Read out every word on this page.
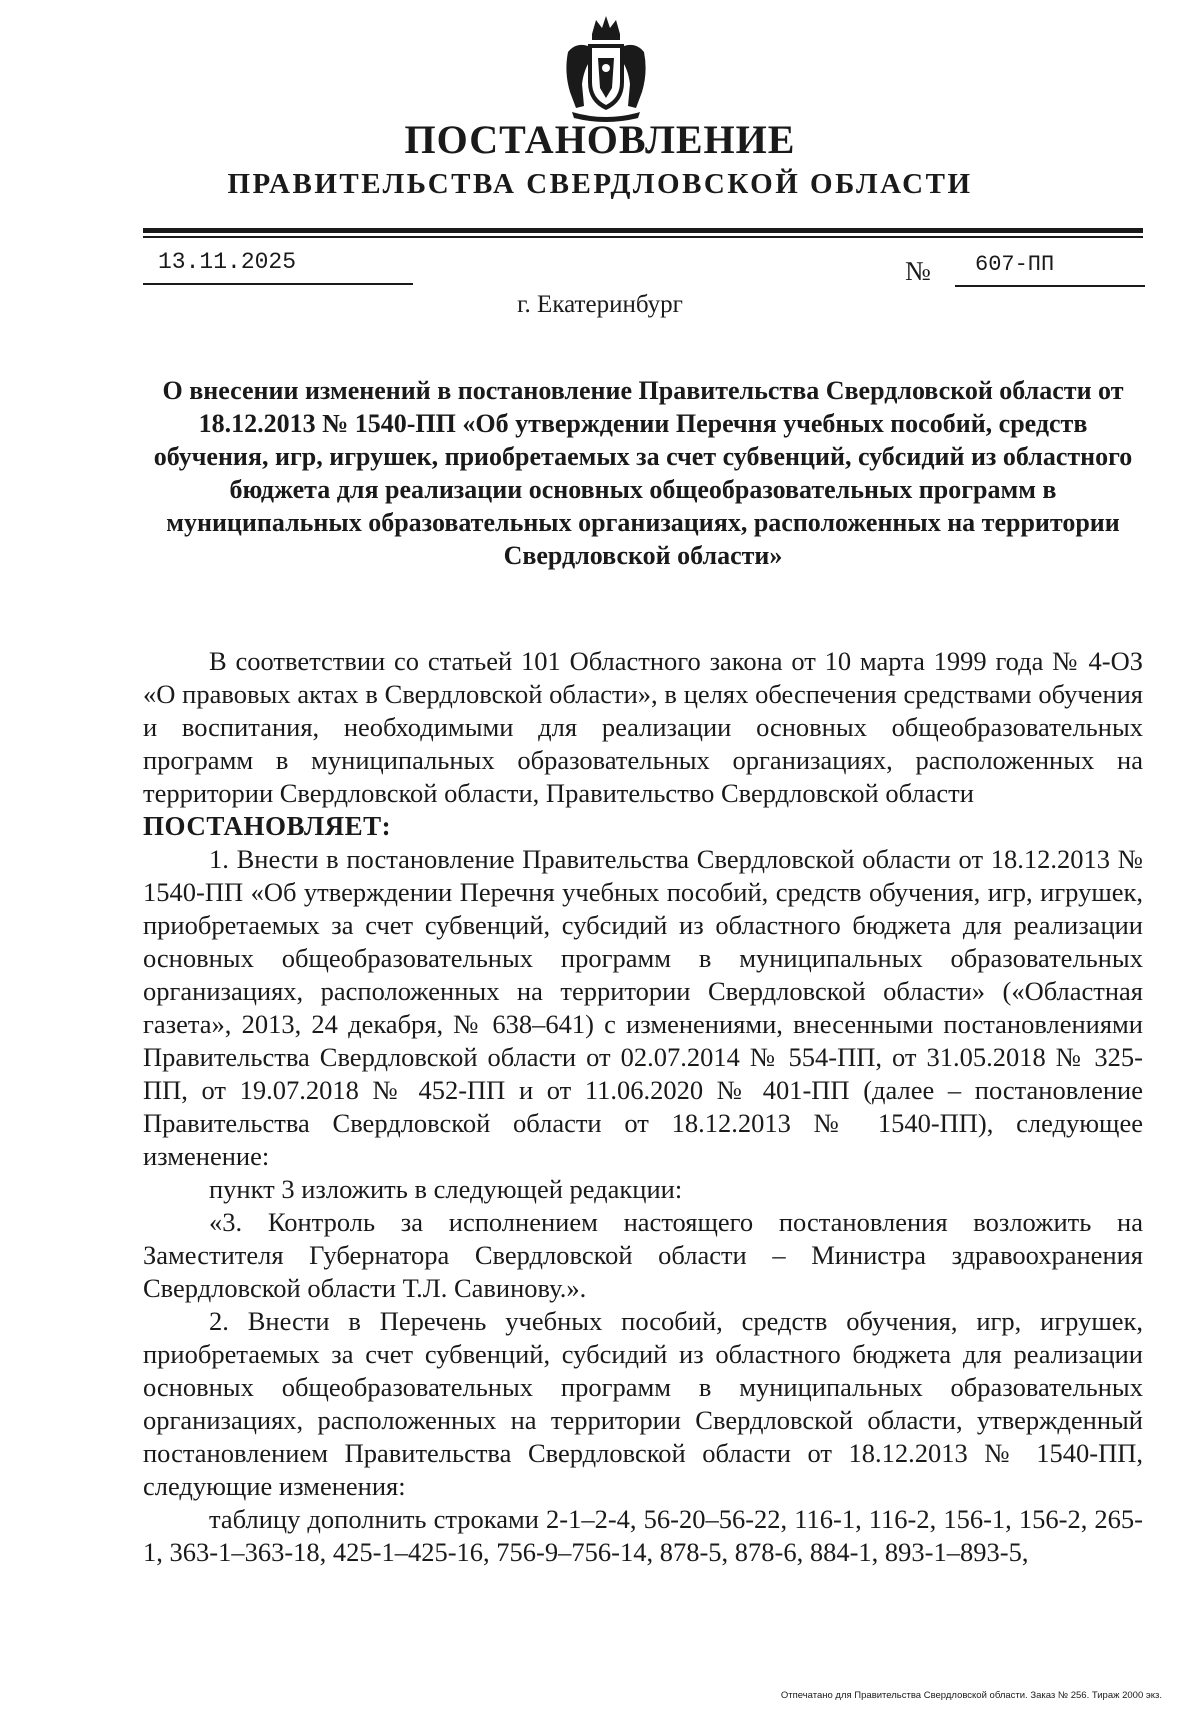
ПОСТАНОВЛЕНИЕ
ПРАВИТЕЛЬСТВА СВЕРДЛОВСКОЙ ОБЛАСТИ
13.11.2025	№ 607-ПП
г. Екатеринбург
О внесении изменений в постановление Правительства Свердловской области от 18.12.2013 № 1540-ПП «Об утверждении Перечня учебных пособий, средств обучения, игр, игрушек, приобретаемых за счет субвенций, субсидий из областного бюджета для реализации основных общеобразовательных программ в муниципальных образовательных организациях, расположенных на территории Свердловской области»

В соответствии со статьей 101 Областного закона от 10 марта 1999 года № 4-ОЗ «О правовых актах в Свердловской области», в целях обеспечения средствами обучения и воспитания, необходимыми для реализации основных общеобразовательных программ в муниципальных образовательных организациях, расположенных на территории Свердловской области, Правительство Свердловской области

ПОСТАНОВЛЯЕТ:

1. Внести в постановление Правительства Свердловской области от 18.12.2013 № 1540-ПП «Об утверждении Перечня учебных пособий, средств обучения, игр, игрушек, приобретаемых за счет субвенций, субсидий из областного бюджета для реализации основных общеобразовательных программ в муниципальных образовательных организациях, расположенных на территории Свердловской области» («Областная газета», 2013, 24 декабря, № 638–641) с изменениями, внесенными постановлениями Правительства Свердловской области от 02.07.2014 № 554-ПП, от 31.05.2018 № 325-ПП, от 19.07.2018 № 452-ПП и от 11.06.2020 № 401-ПП (далее – постановление Правительства Свердловской области от 18.12.2013 № 1540-ПП), следующее изменение:

пункт 3 изложить в следующей редакции:

«3. Контроль за исполнением настоящего постановления возложить на Заместителя Губернатора Свердловской области – Министра здравоохранения Свердловской области Т.Л. Савинову.».

2. Внести в Перечень учебных пособий, средств обучения, игр, игрушек, приобретаемых за счет субвенций, субсидий из областного бюджета для реализации основных общеобразовательных программ в муниципальных образовательных организациях, расположенных на территории Свердловской области, утвержденный постановлением Правительства Свердловской области от 18.12.2013 № 1540-ПП, следующие изменения:

таблицу дополнить строками 2-1–2-4, 56-20–56-22, 116-1, 116-2, 156-1, 156-2, 265-1, 363-1–363-18, 425-1–425-16, 756-9–756-14, 878-5, 878-6, 884-1, 893-1–893-5,

Отпечатано для Правительства Свердловской области. Заказ № 256. Тираж 2000 экз.
